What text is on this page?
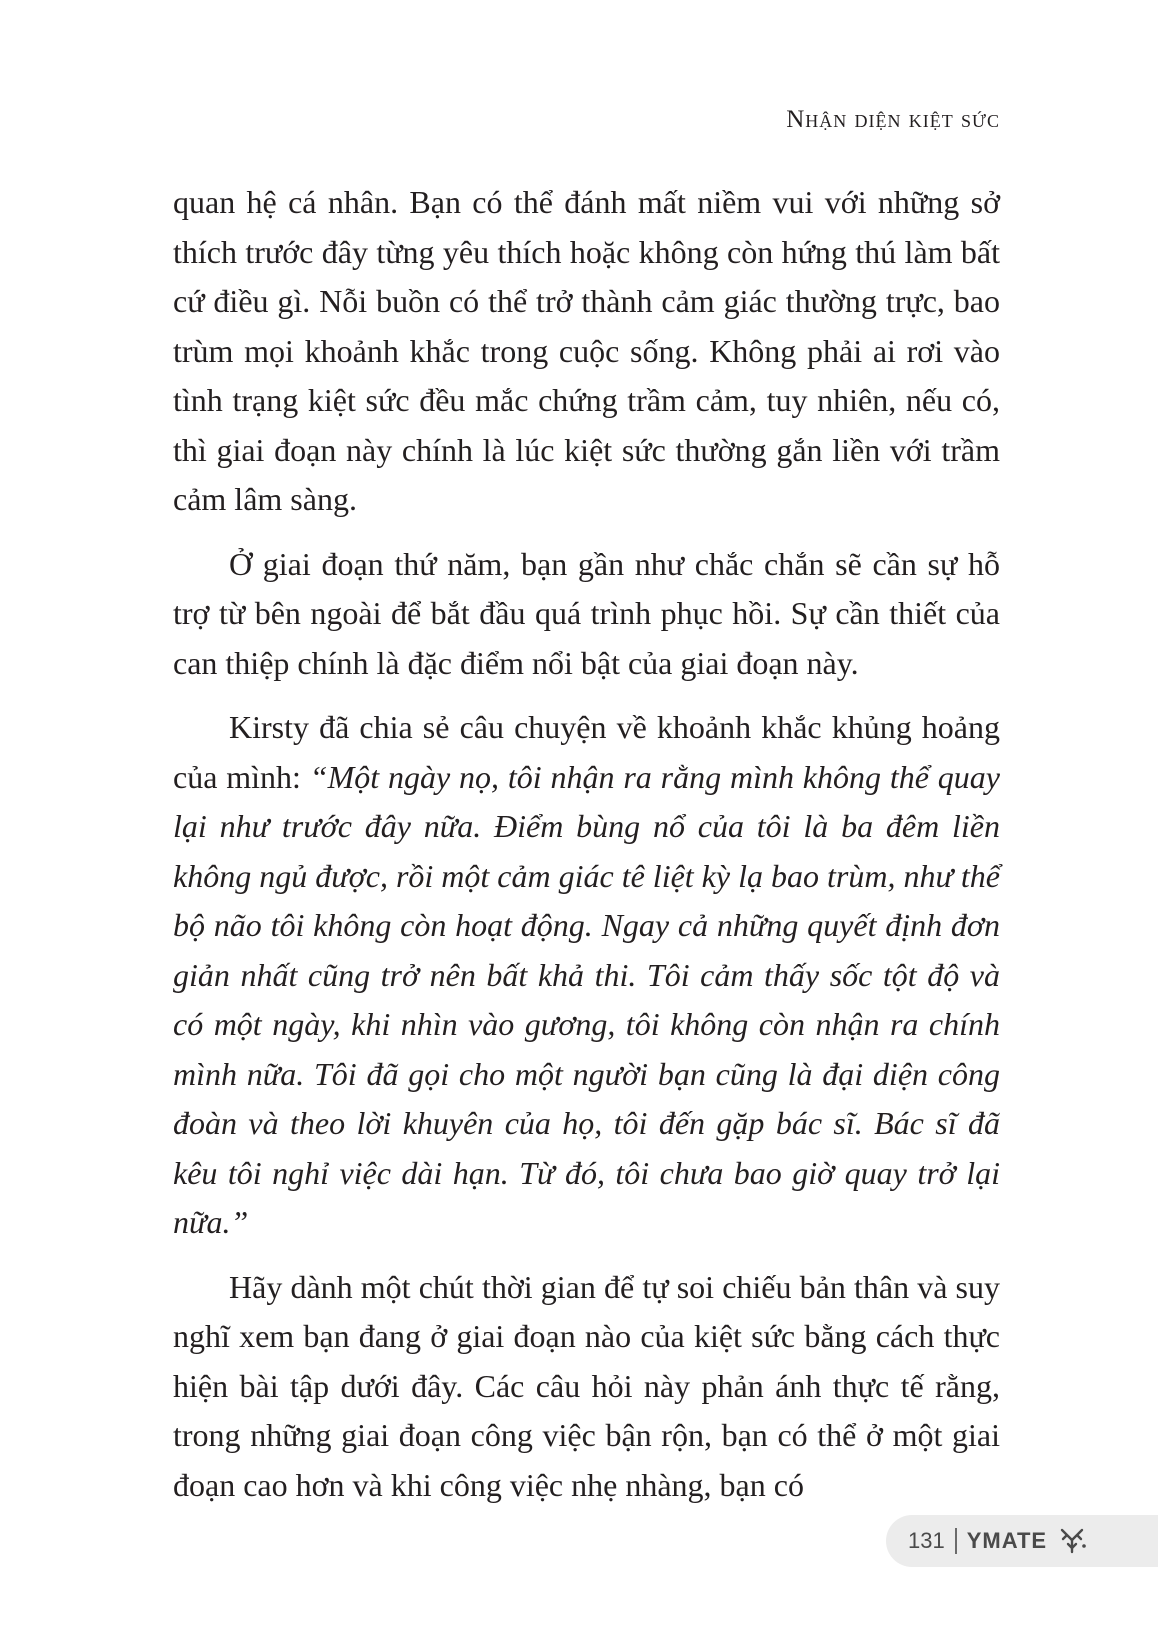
Nhận diện kiệt sức

quan hệ cá nhân. Bạn có thể đánh mất niềm vui với những sở thích trước đây từng yêu thích hoặc không còn hứng thú làm bất cứ điều gì. Nỗi buồn có thể trở thành cảm giác thường trực, bao trùm mọi khoảnh khắc trong cuộc sống. Không phải ai rơi vào tình trạng kiệt sức đều mắc chứng trầm cảm, tuy nhiên, nếu có, thì giai đoạn này chính là lúc kiệt sức thường gắn liền với trầm cảm lâm sàng.

Ở giai đoạn thứ năm, bạn gần như chắc chắn sẽ cần sự hỗ trợ từ bên ngoài để bắt đầu quá trình phục hồi. Sự cần thiết của can thiệp chính là đặc điểm nổi bật của giai đoạn này.

Kirsty đã chia sẻ câu chuyện về khoảnh khắc khủng hoảng của mình: “Một ngày nọ, tôi nhận ra rằng mình không thể quay lại như trước đây nữa. Điểm bùng nổ của tôi là ba đêm liền không ngủ được, rồi một cảm giác tê liệt kỳ lạ bao trùm, như thể bộ não tôi không còn hoạt động. Ngay cả những quyết định đơn giản nhất cũng trở nên bất khả thi. Tôi cảm thấy sốc tột độ và có một ngày, khi nhìn vào gương, tôi không còn nhận ra chính mình nữa. Tôi đã gọi cho một người bạn cũng là đại diện công đoàn và theo lời khuyên của họ, tôi đến gặp bác sĩ. Bác sĩ đã kêu tôi nghỉ việc dài hạn. Từ đó, tôi chưa bao giờ quay trở lại nữa.”

Hãy dành một chút thời gian để tự soi chiếu bản thân và suy nghĩ xem bạn đang ở giai đoạn nào của kiệt sức bằng cách thực hiện bài tập dưới đây. Các câu hỏi này phản ánh thực tế rằng, trong những giai đoạn công việc bận rộn, bạn có thể ở một giai đoạn cao hơn và khi công việc nhẹ nhàng, bạn có

131 YMATE
